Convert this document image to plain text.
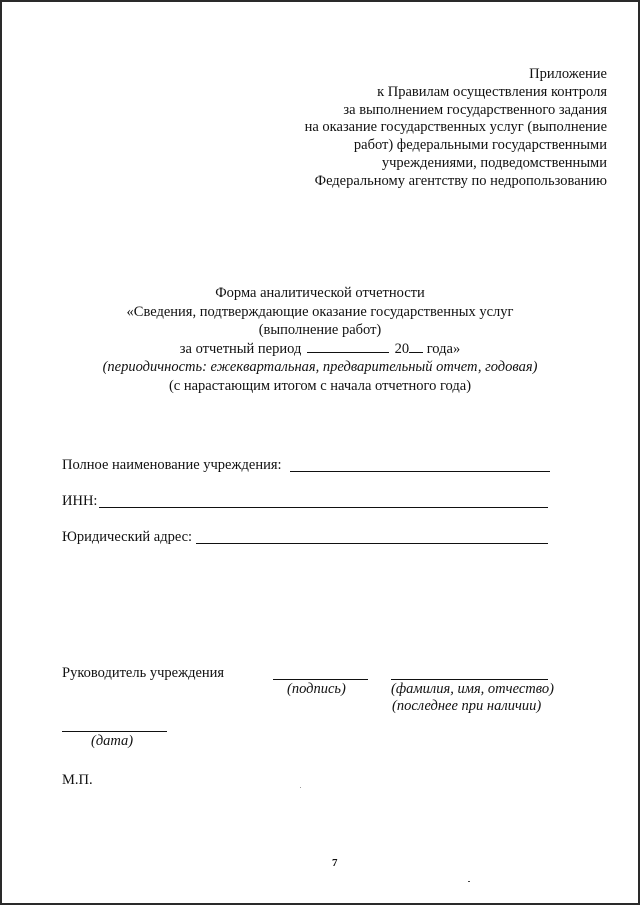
Приложение
к Правилам осуществления контроля
за выполнением государственного задания
на оказание государственных услуг (выполнение
работ) федеральными государственными
учреждениями, подведомственными
Федеральному агентству по недропользованию
Форма аналитической отчетности
«Сведения, подтверждающие оказание государственных услуг
(выполнение работ)
за отчетный период	20 года»
(периодичность: ежеквартальная, предварительный отчет, годовая)
(с нарастающим итогом с начала отчетного года)
Полное наименование учреждения:
ИНН:
Юридический адрес:
Руководитель учреждения
(подпись)	(фамилия, имя, отчество)
(последнее при наличии)
(дата)
М.П.
7
